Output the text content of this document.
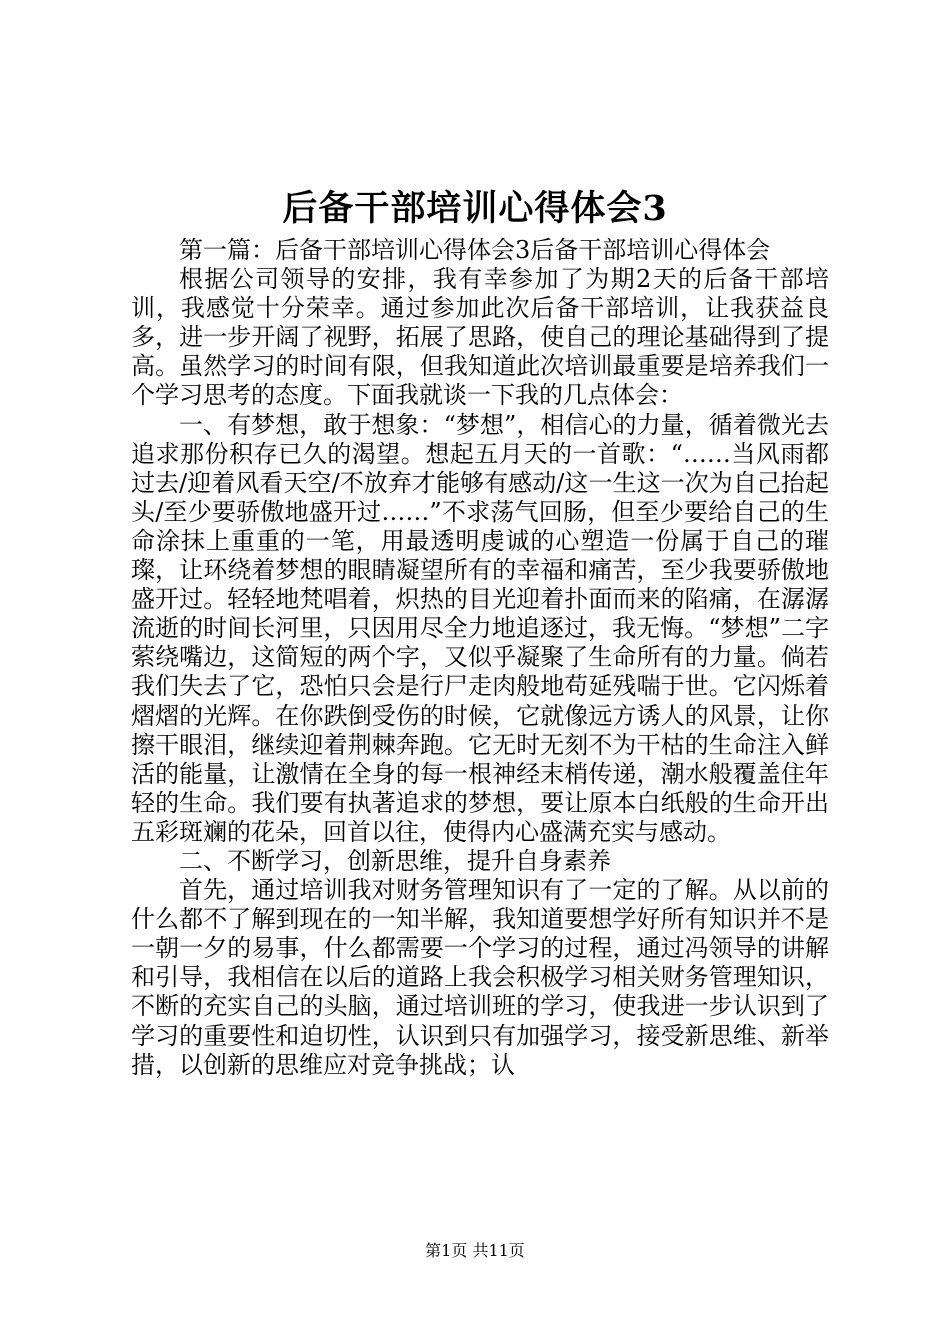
后备干部培训心得体会3

第一篇：后备干部培训心得体会3后备干部培训心得体会

根据公司领导的安排，我有幸参加了为期2天的后备干部培训，我感觉十分荣幸。通过参加此次后备干部培训，让我获益良多，进一步开阔了视野，拓展了思路，使自己的理论基础得到了提高。虽然学习的时间有限，但我知道此次培训最重要是培养我们一个学习思考的态度。下面我就谈一下我的几点体会：

一、有梦想，敢于想象：“梦想”，相信心的力量，循着微光去追求那份积存已久的渴望。想起五月天的一首歌：“……当风雨都过去/迎着风看天空/不放弃才能够有感动/这一生这一次为自己抬起头/至少要骄傲地盛开过……”不求荡气回肠，但至少要给自己的生命涂抹上重重的一笔，用最透明虔诚的心塑造一份属于自己的璀璨，让环绕着梦想的眼睛凝望所有的幸福和痛苦，至少我要骄傲地盛开过。轻轻地梵唱着，炽热的目光迎着扑面而来的陷痛，在潺潺流逝的时间长河里，只因用尽全力地追逐过，我无悔。“梦想”二字萦绕嘴边，这简短的两个字，又似乎凝聚了生命所有的力量。倘若我们失去了它，恐怕只会是行尸走肉般地苟延残喘于世。它闪烁着熠熠的光辉。在你跌倒受伤的时候，它就像远方诱人的风景，让你擦干眼泪，继续迎着荆棘奔跑。它无时无刻不为干枯的生命注入鲜活的能量，让激情在全身的每一根神经末梢传递，潮水般覆盖住年轻的生命。我们要有执著追求的梦想，要让原本白纸般的生命开出五彩斑斓的花朵，回首以往，使得内心盛满充实与感动。

二、不断学习，创新思维，提升自身素养

首先，通过培训我对财务管理知识有了一定的了解。从以前的什么都不了解到现在的一知半解，我知道要想学好所有知识并不是一朝一夕的易事，什么都需要一个学习的过程，通过冯领导的讲解和引导，我相信在以后的道路上我会积极学习相关财务管理知识，不断的充实自己的头脑，通过培训班的学习，使我进一步认识到了学习的重要性和迫切性，认识到只有加强学习，接受新思维、新举措，以创新的思维应对竞争挑战；认

第1页 共11页
